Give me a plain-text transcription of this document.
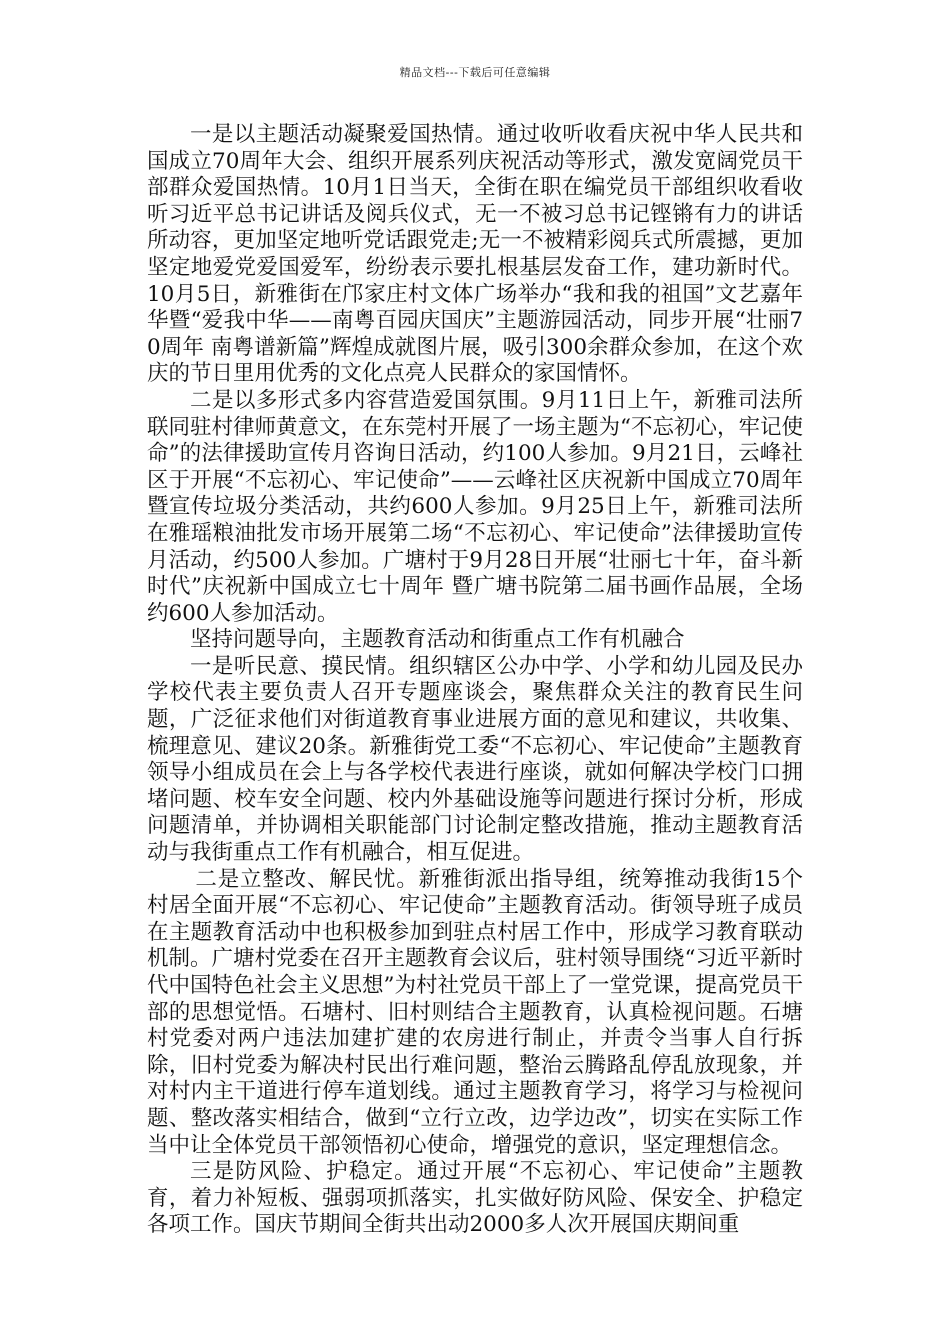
精品文档---下载后可任意编辑

一是以主题活动凝聚爱国热情。通过收听收看庆祝中华人民共和国成立70周年大会、组织开展系列庆祝活动等形式，激发宽阔党员干部群众爱国热情。10月1日当天，全街在职在编党员干部组织收看收听习近平总书记讲话及阅兵仪式，无一不被习总书记铿锵有力的讲话所动容，更加坚定地听党话跟党走;无一不被精彩阅兵式所震撼，更加坚定地爱党爱国爱军，纷纷表示要扎根基层发奋工作，建功新时代。10月5日，新雅街在邝家庄村文体广场举办“我和我的祖国”文艺嘉年华暨“爱我中华——南粤百园庆国庆”主题游园活动，同步开展“壮丽70周年 南粤谱新篇”辉煌成就图片展，吸引300余群众参加，在这个欢庆的节日里用优秀的文化点亮人民群众的家国情怀。

二是以多形式多内容营造爱国氛围。9月11日上午，新雅司法所联同驻村律师黄意文，在东莞村开展了一场主题为“不忘初心，牢记使命”的法律援助宣传月咨询日活动，约100人参加。9月21日，云峰社区于开展“不忘初心、牢记使命”——云峰社区庆祝新中国成立70周年暨宣传垃圾分类活动，共约600人参加。9月25日上午，新雅司法所在雅瑶粮油批发市场开展第二场“不忘初心、牢记使命”法律援助宣传月活动，约500人参加。广塘村于9月28日开展“壮丽七十年，奋斗新时代”庆祝新中国成立七十周年 暨广塘书院第二届书画作品展，全场约600人参加活动。

坚持问题导向，主题教育活动和街重点工作有机融合

一是听民意、摸民情。组织辖区公办中学、小学和幼儿园及民办学校代表主要负责人召开专题座谈会，聚焦群众关注的教育民生问题，广泛征求他们对街道教育事业进展方面的意见和建议，共收集、梳理意见、建议20条。新雅街党工委“不忘初心、牢记使命”主题教育领导小组成员在会上与各学校代表进行座谈，就如何解决学校门口拥堵问题、校车安全问题、校内外基础设施等问题进行探讨分析，形成问题清单，并协调相关职能部门讨论制定整改措施，推动主题教育活动与我街重点工作有机融合，相互促进。

二是立整改、解民忧。新雅街派出指导组，统筹推动我街15个村居全面开展“不忘初心、牢记使命”主题教育活动。街领导班子成员在主题教育活动中也积极参加到驻点村居工作中，形成学习教育联动机制。广塘村党委在召开主题教育会议后，驻村领导围绕“习近平新时代中国特色社会主义思想”为村社党员干部上了一堂党课，提高党员干部的思想觉悟。石塘村、旧村则结合主题教育，认真检视问题。石塘村党委对两户违法加建扩建的农房进行制止，并责令当事人自行拆除，旧村党委为解决村民出行难问题，整治云腾路乱停乱放现象，并对村内主干道进行停车道划线。通过主题教育学习，将学习与检视问题、整改落实相结合，做到“立行立改，边学边改”，切实在实际工作当中让全体党员干部领悟初心使命，增强党的意识，坚定理想信念。

三是防风险、护稳定。通过开展“不忘初心、牢记使命”主题教育，着力补短板、强弱项抓落实，扎实做好防风险、保安全、护稳定各项工作。国庆节期间全街共出动2000多人次开展国庆期间重
